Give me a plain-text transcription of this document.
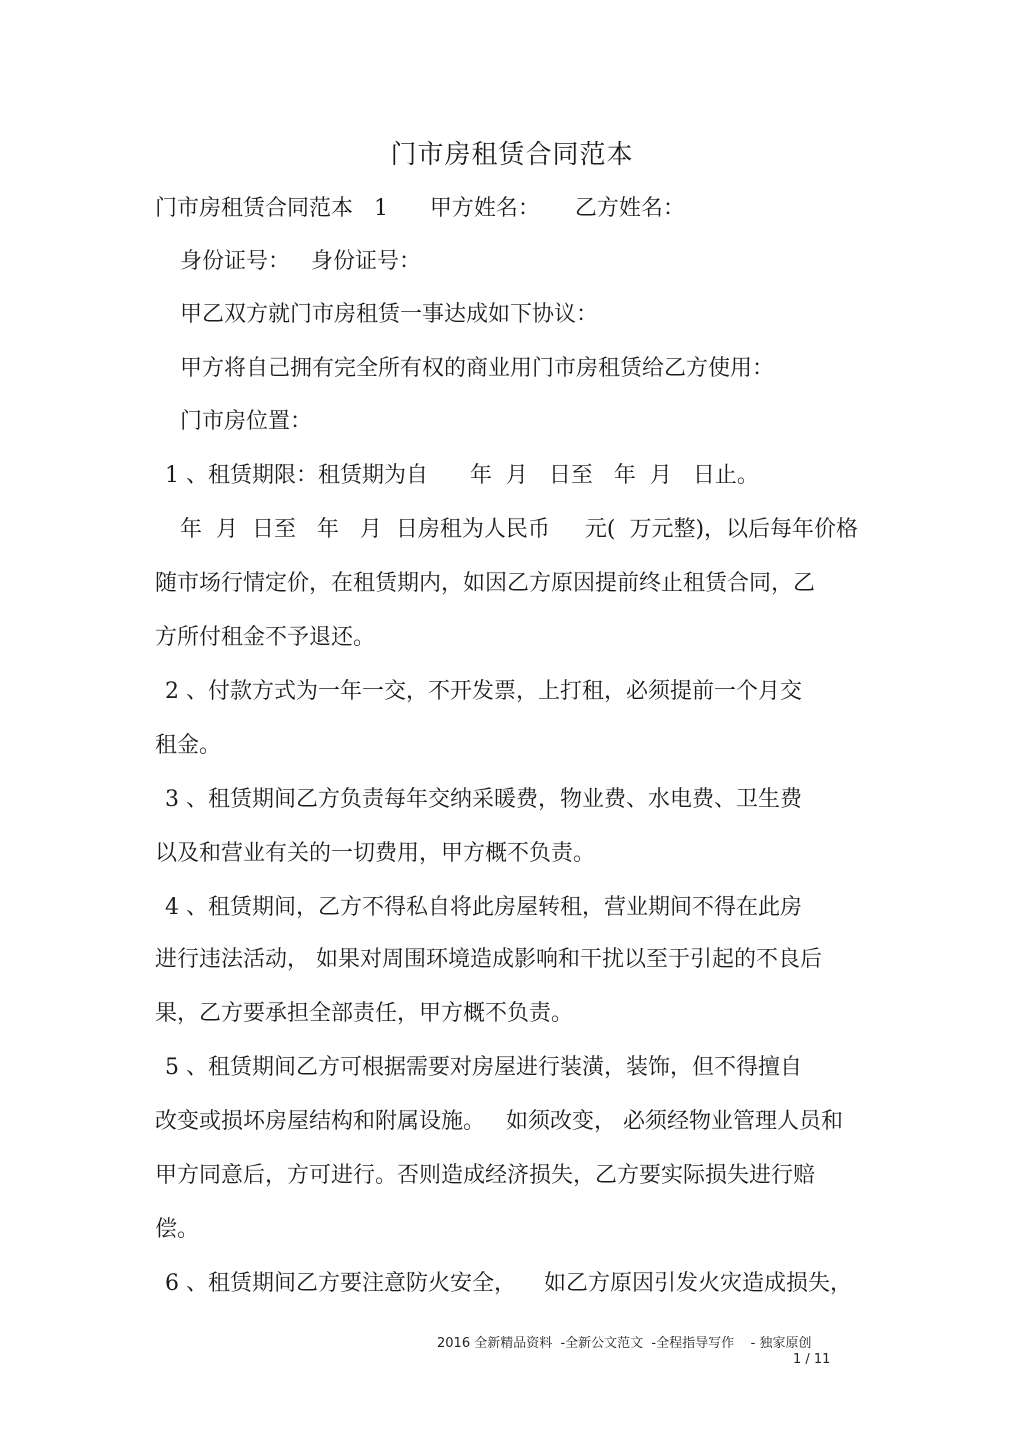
门市房租赁合同范本
门市房租赁合同范本   1      甲方姓名：     乙方姓名：
身份证号：   身份证号：
甲乙双方就门市房租赁一事达成如下协议：
甲方将自己拥有完全所有权的商业用门市房租赁给乙方使用：
门市房位置：
1 、租赁期限：租赁期为自      年  月   日至   年  月   日止。
年  月  日至   年   月  日房租为人民币     元(  万元整)，以后每年价格
随市场行情定价，在租赁期内，如因乙方原因提前终止租赁合同，乙
方所付租金不予退还。
2 、付款方式为一年一交，不开发票，上打租，必须提前一个月交
租金。
3 、租赁期间乙方负责每年交纳采暖费，物业费、水电费、卫生费
以及和营业有关的一切费用，甲方概不负责。
4 、租赁期间，乙方不得私自将此房屋转租，营业期间不得在此房
进行违法活动， 如果对周围环境造成影响和干扰以至于引起的不良后
果，乙方要承担全部责任，甲方概不负责。
5 、租赁期间乙方可根据需要对房屋进行装潢，装饰，但不得擅自
改变或损坏房屋结构和附属设施。   如须改变， 必须经物业管理人员和
甲方同意后，方可进行。否则造成经济损失，乙方要实际损失进行赔
偿。
6 、租赁期间乙方要注意防火安全，    如乙方原因引发火灾造成损失，
2016 全新精品资料  -全新公文范文  -全程指导写作    - 独家原创
1 / 11
